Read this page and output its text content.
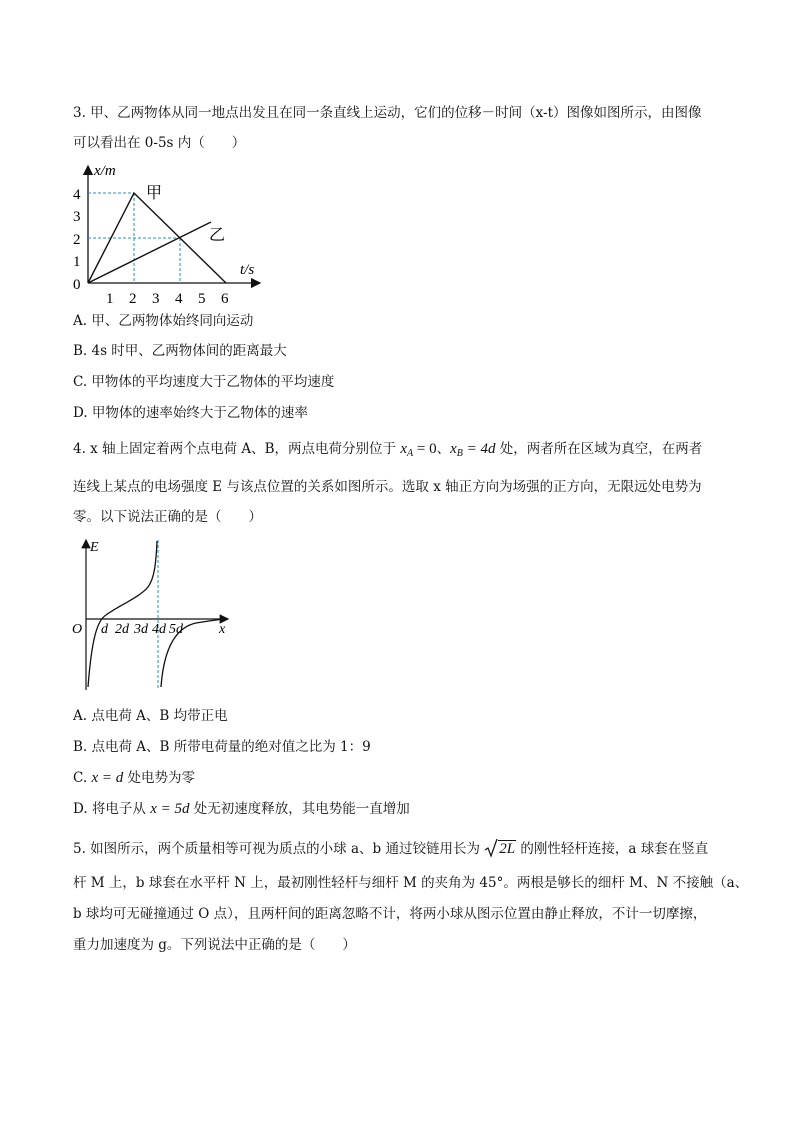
3. 甲、乙两物体从同一地点出发且在同一条直线上运动，它们的位移－时间（x-t）图像如图所示，由图像
可以看出在 0-5s 内（　　）
x/m
t/s
0
4
3
2
1
1 2 3 4 5 6
甲
乙
A. 甲、乙两物体始终同向运动
B. 4s 时甲、乙两物体间的距离最大
C. 甲物体的平均速度大于乙物体的平均速度
D. 甲物体的速率始终大于乙物体的速率
4. x 轴上固定着两个点电荷 A、B，两点电荷分别位于 $x_A = 0$、$x_B = 4d$ 处，两者所在区域为真空，在两者
连线上某点的电场强度 E 与该点位置的关系如图所示。选取 x 轴正方向为场强的正方向，无限远处电势为
零。以下说法正确的是（　　）
E
x
O d 2d 3d 4d 5d
A. 点电荷 A、B 均带正电
B. 点电荷 A、B 所带电荷量的绝对值之比为 1：9
C. x = d 处电势为零
D. 将电子从 x = 5d 处无初速度释放，其电势能一直增加
5. 如图所示，两个质量相等可视为质点的小球 a、b 通过铰链用长为 2L 的刚性轻杆连接，a 球套在竖直
杆 M 上，b 球套在水平杆 N 上，最初刚性轻杆与细杆 M 的夹角为 45°。两根是够长的细杆 M、N 不接触（a、
b 球均可无碰撞通过 O 点），且两杆间的距离忽略不计，将两小球从图示位置由静止释放，不计一切摩擦，
重力加速度为 g。下列说法中正确的是（　　）
